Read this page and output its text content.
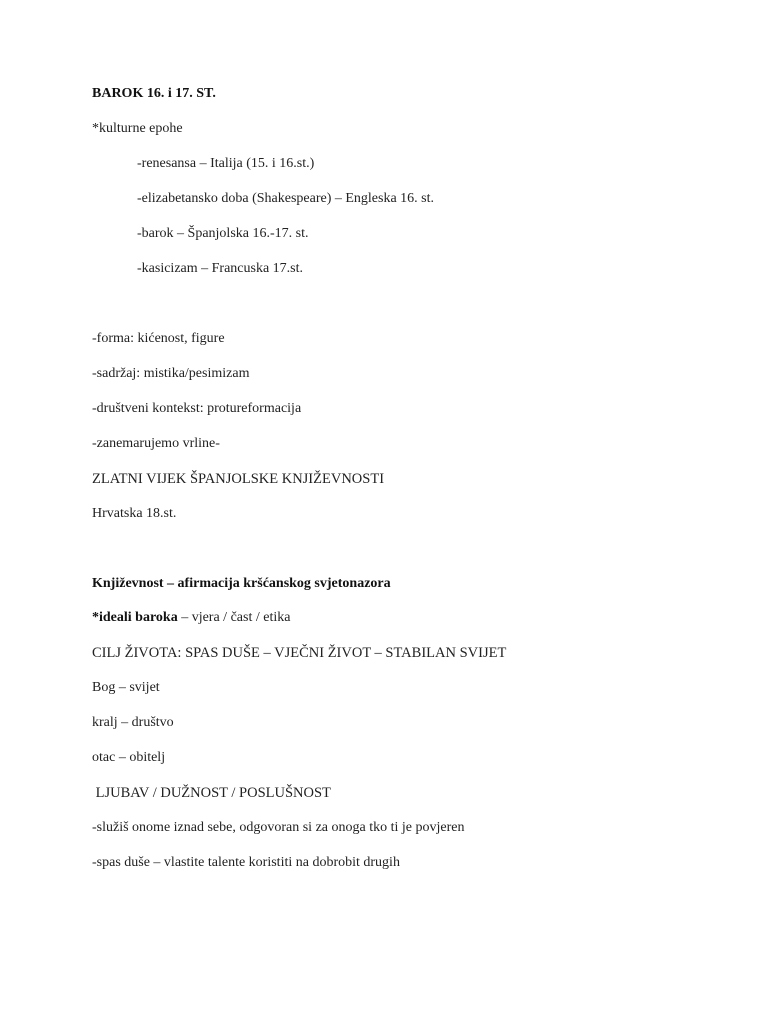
BAROK 16. i 17. ST.
*kulturne epohe
-renesansa – Italija (15. i 16.st.)
-elizabetansko doba (Shakespeare) – Engleska 16. st.
-barok – Španjolska 16.-17. st.
-kasicizam – Francuska 17.st.
-forma: kićenost, figure
-sadržaj: mistika/pesimizam
-društveni kontekst: protureformacija
-zanemarujemo vrline-
ZLATNI VIJEK ŠPANJOLSKE KNJIŽEVNOSTI
Hrvatska 18.st.
Književnost – afirmacija kršćanskog svjetonazora
*ideali baroka – vjera / čast / etika
CILJ ŽIVOTA: SPAS DUŠE – VJEČNI ŽIVOT – STABILAN SVIJET
Bog – svijet
kralj – društvo
otac – obitelj
LJUBAV / DUŽNOST / POSLUŠNOST
-služiš onome iznad sebe, odgovoran si za onoga tko ti je povjeren
-spas duše – vlastite talente koristiti na dobrobit drugih
